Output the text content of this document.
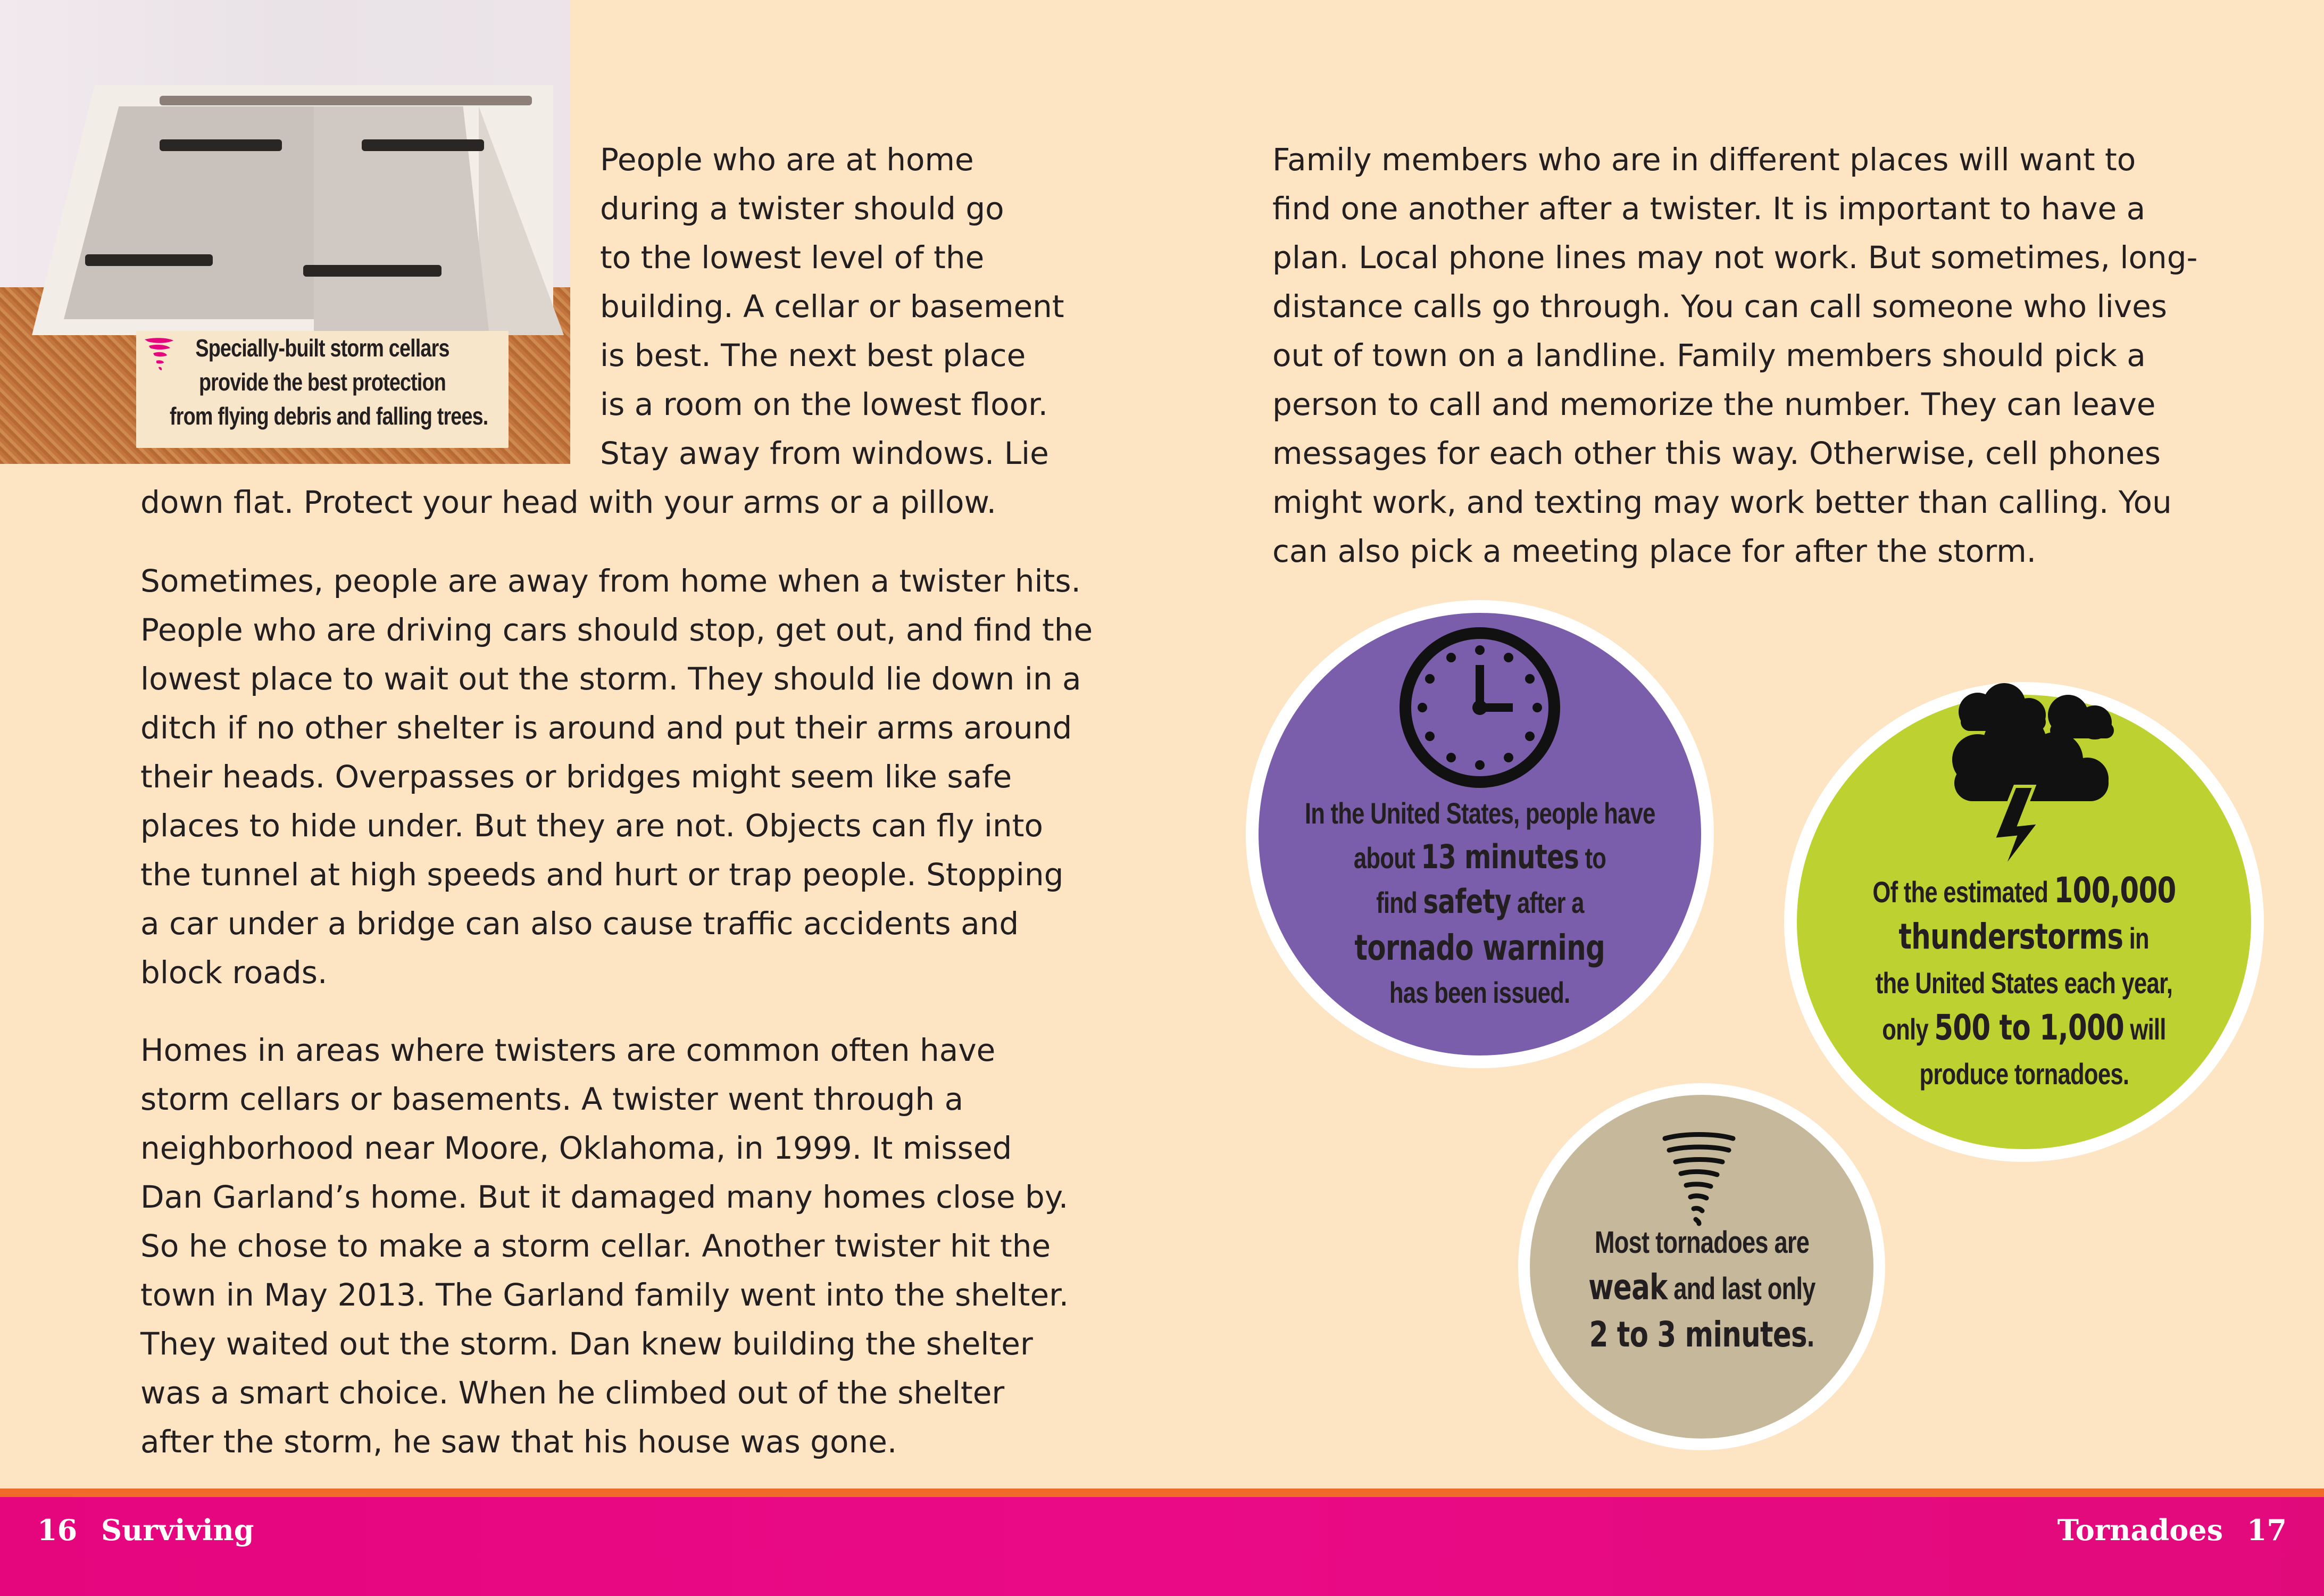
Specially-built storm cellars
provide the best protection
from flying debris and falling trees.
People who are at home
during a twister should go
to the lowest level of the
building. A cellar or basement
is best. The next best place
is a room on the lowest floor.
Stay away from windows. Lie
down flat. Protect your head with your arms or a pillow.
Sometimes, people are away from home when a twister hits.
People who are driving cars should stop, get out, and find the
lowest place to wait out the storm. They should lie down in a
ditch if no other shelter is around and put their arms around
their heads. Overpasses or bridges might seem like safe
places to hide under. But they are not. Objects can fly into
the tunnel at high speeds and hurt or trap people. Stopping
a car under a bridge can also cause traffic accidents and
block roads.
Homes in areas where twisters are common often have
storm cellars or basements. A twister went through a
neighborhood near Moore, Oklahoma, in 1999. It missed
Dan Garland’s home. But it damaged many homes close by.
So he chose to make a storm cellar. Another twister hit the
town in May 2013. The Garland family went into the shelter.
They waited out the storm. Dan knew building the shelter
was a smart choice. When he climbed out of the shelter
after the storm, he saw that his house was gone.
Family members who are in different places will want to
find one another after a twister. It is important to have a
plan. Local phone lines may not work. But sometimes, long-
distance calls go through. You can call someone who lives
out of town on a landline. Family members should pick a
person to call and memorize the number. They can leave
messages for each other this way. Otherwise, cell phones
might work, and texting may work better than calling. You
can also pick a meeting place for after the storm.
In the United States, people have
about 13 minutes to
find safety after a
tornado warning
has been issued.
Of the estimated 100,000
thunderstorms in
the United States each year,
only 500 to 1,000 will
produce tornadoes.
Most tornadoes are
weak and last only
2 to 3 minutes.
16 Surviving	Tornadoes 17
